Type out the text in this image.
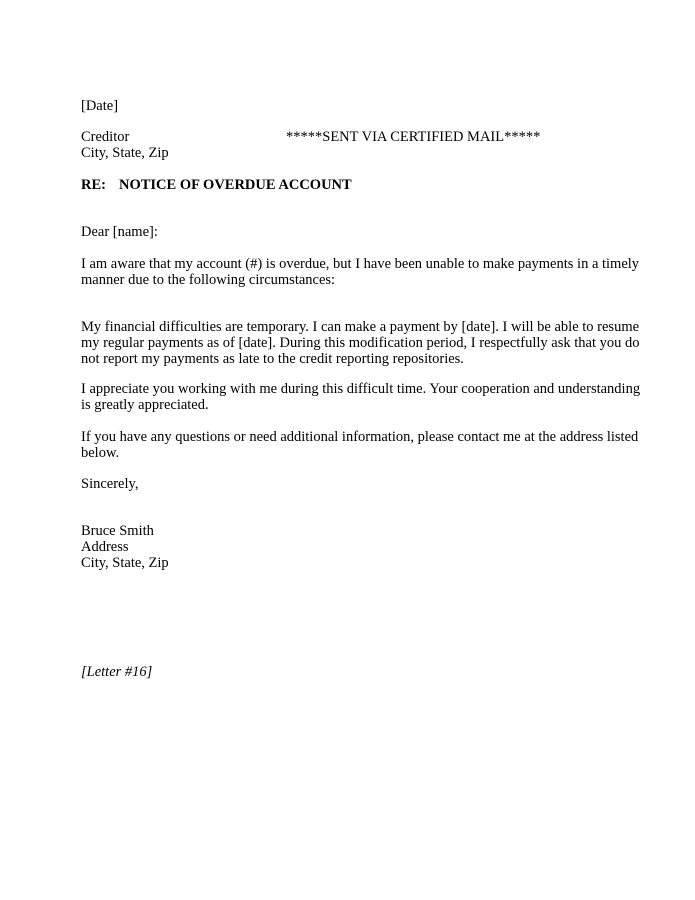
[Date]
Creditor	*****SENT VIA CERTIFIED MAIL*****
City, State, Zip
RE: NOTICE OF OVERDUE ACCOUNT
Dear [name]:
I am aware that my account (#) is overdue, but I have been unable to make payments in a timely
manner due to the following circumstances:
My financial difficulties are temporary. I can make a payment by [date]. I will be able to resume
my regular payments as of [date]. During this modification period, I respectfully ask that you do
not report my payments as late to the credit reporting repositories.
I appreciate you working with me during this difficult time. Your cooperation and understanding
is greatly appreciated.
If you have any questions or need additional information, please contact me at the address listed
below.
Sincerely,
Bruce Smith
Address
City, State, Zip
[Letter #16]
